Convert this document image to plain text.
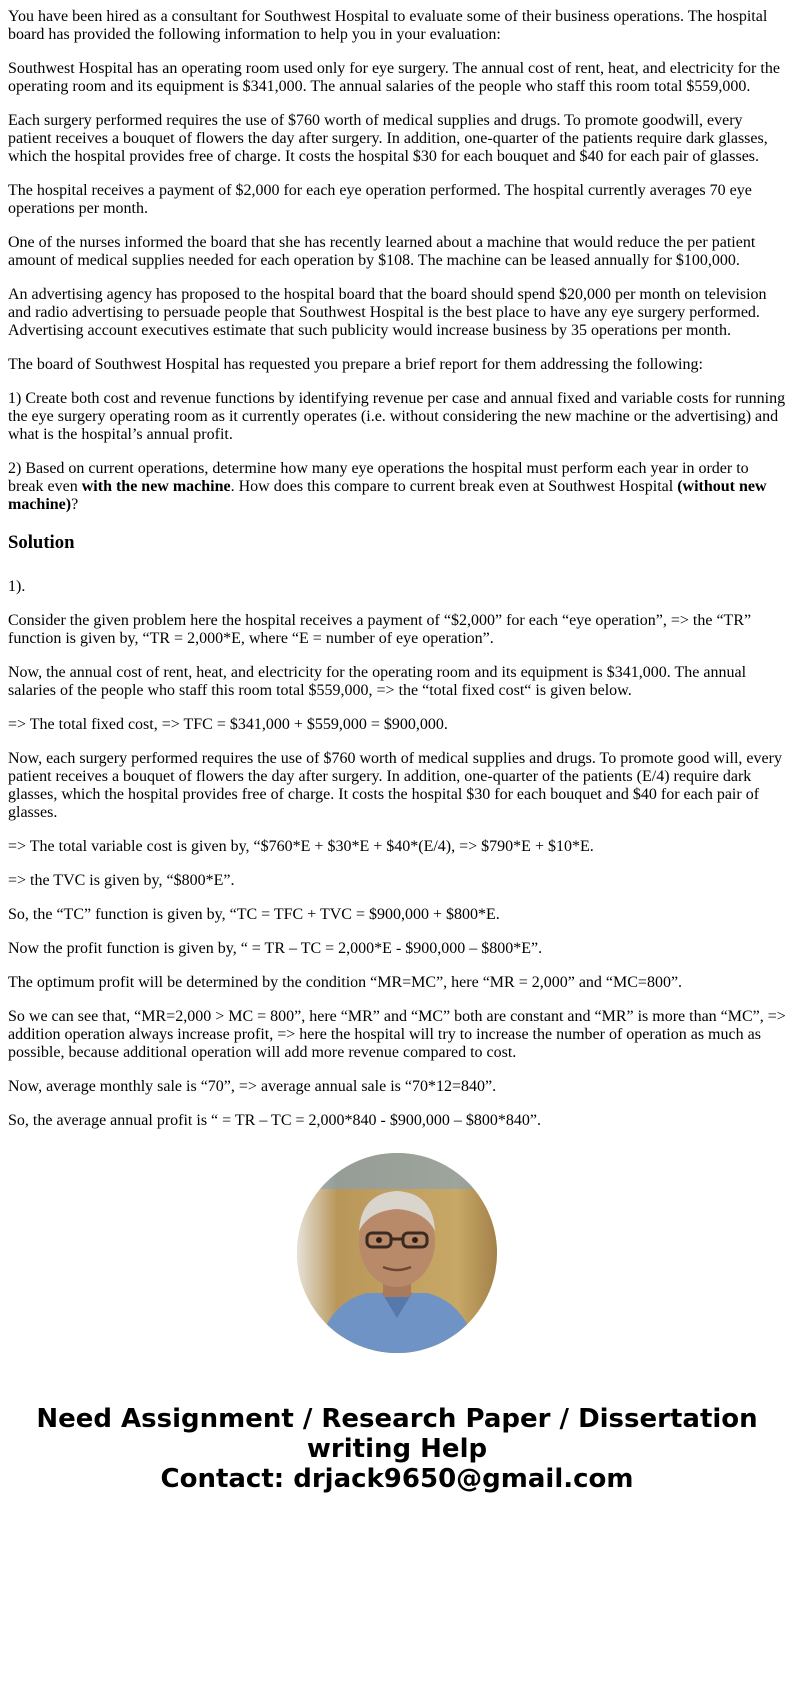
You have been hired as a consultant for Southwest Hospital to evaluate some of their business operations. The hospital board has provided the following information to help you in your evaluation:

Southwest Hospital has an operating room used only for eye surgery. The annual cost of rent, heat, and electricity for the operating room and its equipment is $341,000. The annual salaries of the people who staff this room total $559,000.

Each surgery performed requires the use of $760 worth of medical supplies and drugs. To promote goodwill, every patient receives a bouquet of flowers the day after surgery. In addition, one-quarter of the patients require dark glasses, which the hospital provides free of charge. It costs the hospital $30 for each bouquet and $40 for each pair of glasses.

The hospital receives a payment of $2,000 for each eye operation performed. The hospital currently averages 70 eye operations per month.

One of the nurses informed the board that she has recently learned about a machine that would reduce the per patient amount of medical supplies needed for each operation by $108. The machine can be leased annually for $100,000.

An advertising agency has proposed to the hospital board that the board should spend $20,000 per month on television and radio advertising to persuade people that Southwest Hospital is the best place to have any eye surgery performed. Advertising account executives estimate that such publicity would increase business by 35 operations per month.

The board of Southwest Hospital has requested you prepare a brief report for them addressing the following:

1) Create both cost and revenue functions by identifying revenue per case and annual fixed and variable costs for running the eye surgery operating room as it currently operates (i.e. without considering the new machine or the advertising) and what is the hospital’s annual profit.

2) Based on current operations, determine how many eye operations the hospital must perform each year in order to break even with the new machine. How does this compare to current break even at Southwest Hospital (without new machine)?

Solution

1).

Consider the given problem here the hospital receives a payment of “$2,000” for each “eye operation”, => the “TR” function is given by, “TR = 2,000*E, where “E = number of eye operation”.

Now, the annual cost of rent, heat, and electricity for the operating room and its equipment is $341,000. The annual salaries of the people who staff this room total $559,000, => the “total fixed cost“ is given below.

=> The total fixed cost, => TFC = $341,000 + $559,000 = $900,000.

Now, each surgery performed requires the use of $760 worth of medical supplies and drugs. To promote good will, every patient receives a bouquet of flowers the day after surgery. In addition, one-quarter of the patients (E/4) require dark glasses, which the hospital provides free of charge. It costs the hospital $30 for each bouquet and $40 for each pair of glasses.

=> The total variable cost is given by, “$760*E + $30*E + $40*(E/4), => $790*E + $10*E.

=> the TVC is given by, “$800*E”.

So, the “TC” function is given by, “TC = TFC + TVC = $900,000 + $800*E.

Now the profit function is given by, “ = TR – TC = 2,000*E - $900,000 – $800*E”.

The optimum profit will be determined by the condition “MR=MC”, here “MR = 2,000” and “MC=800”.

So we can see that, “MR=2,000 > MC = 800”, here “MR” and “MC” both are constant and “MR” is more than “MC”, => addition operation always increase profit, => here the hospital will try to increase the number of operation as much as possible, because additional operation will add more revenue compared to cost.

Now, average monthly sale is “70”, => average annual sale is “70*12=840”.

So, the average annual profit is “ = TR – TC = 2,000*840 - $900,000 – $800*840”.

Need Assignment / Research Paper / Dissertation writing Help
Contact: drjack9650@gmail.com
